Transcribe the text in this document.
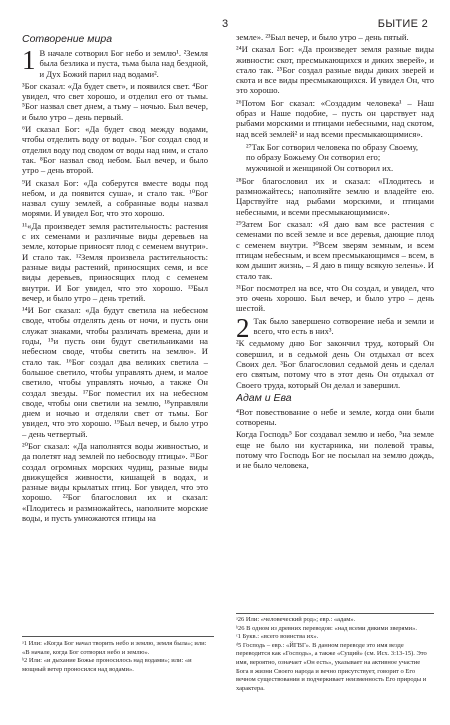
3	БЫТИЕ 2
Сотворение мира
1 В начале сотворил Бог небо и землю¹. ²Земля была безлика и пуста, тьма была над бездной, и Дух Божий парил над водами².

³Бог сказал: «Да будет свет», и появился свет. ⁴Бог увидел, что свет хорошо, и отделил его от тьмы. ⁵Бог назвал свет днем, а тьму – ночью. Был вечер, и было утро – день первый.

⁶И сказал Бог: «Да будет свод между водами, чтобы отделить воду от воды». ⁷Бог создал свод и отделил воду под сводом от воды над ним, и стало так. ⁸Бог назвал свод небом. Был вечер, и было утро – день второй.

⁹И сказал Бог: «Да соберутся вместе воды под небом, и да появится суша», и стало так. ¹⁰Бог назвал сушу землей, а собранные воды назвал морями. И увидел Бог, что это хорошо.

¹¹«Да произведет земля растительность: растения с их семенами и различные виды деревьев на земле, которые приносят плод с семенем внутри». И стало так. ¹²Земля произвела растительность: разные виды растений, приносящих семя, и все виды деревьев, приносящих плод с семенем внутри. И Бог увидел, что это хорошо. ¹³Был вечер, и было утро – день третий.

¹⁴И Бог сказал: «Да будут светила на небесном своде, чтобы отделять день от ночи, и пусть они служат знаками, чтобы различать времена, дни и годы, ¹⁵и пусть они будут светильниками на небесном своде, чтобы светить на землю». И стало так. ¹⁶Бог создал два великих светила – большое светило, чтобы управлять днем, и малое светило, чтобы управлять ночью, а также Он создал звезды. ¹⁷Бог поместил их на небесном своде, чтобы они светили на землю, ¹⁸управляли днем и ночью и отделяли свет от тьмы. Бог увидел, что это хорошо. ¹⁹Был вечер, и было утро – день четвертый.

²⁰Бог сказал: «Да наполнятся воды живностью, и да полетят над землей по небосводу птицы». ²¹Бог создал огромных морских чудищ, разные виды движущейся живности, кишащей в водах, и разные виды крылатых птиц. Бог увидел, что это хорошо. ²²Бог благословил их и сказал: «Плодитесь и размножайтесь, наполните морские воды, и пусть умножаются птицы на

земле». ²³Был вечер, и было утро – день пятый.

²⁴И сказал Бог: «Да произведет земля разные виды живности: скот, пресмыкающихся и диких зверей», и стало так. ²⁵Бог создал разные виды диких зверей и скота и все виды пресмыкающихся. И увидел Он, что это хорошо.

²⁶Потом Бог сказал: «Создадим человека¹ – Наш образ и Наше подобие, – пусть он царствует над рыбами морскими и птицами небесными, над скотом, над всей землей² и над всеми пресмыкающимися».

²⁷Так Бог сотворил человека по образу Своему,
по образу Божьему Он сотворил его;
мужчиной и женщиной Он сотворил их.

²⁸Бог благословил их и сказал: «Плодитесь и размножайтесь; наполняйте землю и владейте ею. Царствуйте над рыбами морскими, и птицами небесными, и всеми пресмыкающимися».

²⁹Затем Бог сказал: «Я даю вам все растения с семенами по всей земле и все деревья, дающие плод с семенем внутри. ³⁰Всем зверям земным, и всем птицам небесным, и всем пресмыкающимся – всем, в ком дышит жизнь, – Я даю в пищу всякую зелень». И стало так.

³¹Бог посмотрел на все, что Он создал, и увидел, что это очень хорошо. Был вечер, и было утро – день шестой.

2 Так было завершено сотворение неба и земли и всего, что есть в них³.

²К седьмому дню Бог закончил труд, который Он совершил, и в седьмой день Он отдыхал от всех Своих дел. ³Бог благословил седьмой день и сделал его святым, потому что в этот день Он отдыхал от Своего труда, который Он делал и завершил.

Адам и Ева

⁴Вот повествование о небе и земле, когда они были сотворены.

Когда Господь⁵ Бог создавал землю и небо, ⁵на земле еще не было ни кустарника, ни полевой травы, потому что Господь Бог не посылал на землю дождь, и не было человека,

ᵃ1 Или: «Когда Бог начал творить небо и землю, земля была»; или: «В начале, когда Бог сотворил небо и землю».
ᵇ2 Или: «и дыхание Божье проносилось над водами»; или: «и мощный ветер проносился над водами».
ᵃ26 Или: «человеческий род»; евр.: «адам».
ᵇ26 В одном из древних переводов: «над всеми дикими зверями».
ᶜ1 Букв.: «всего воинства их».
ᵈ5 Господь – евр.: «ЙГВГ». В данном переводе это имя везде переводится как «Господь», а также «Сущий» (см. Исх. 3:13-15). Это имя, вероятно, означает «Он есть», указывает на активное участие Бога в жизни Своего народа и вечно присутствует, говорит о Его вечном существовании и подчеркивает неизменность Его природы и характера.
